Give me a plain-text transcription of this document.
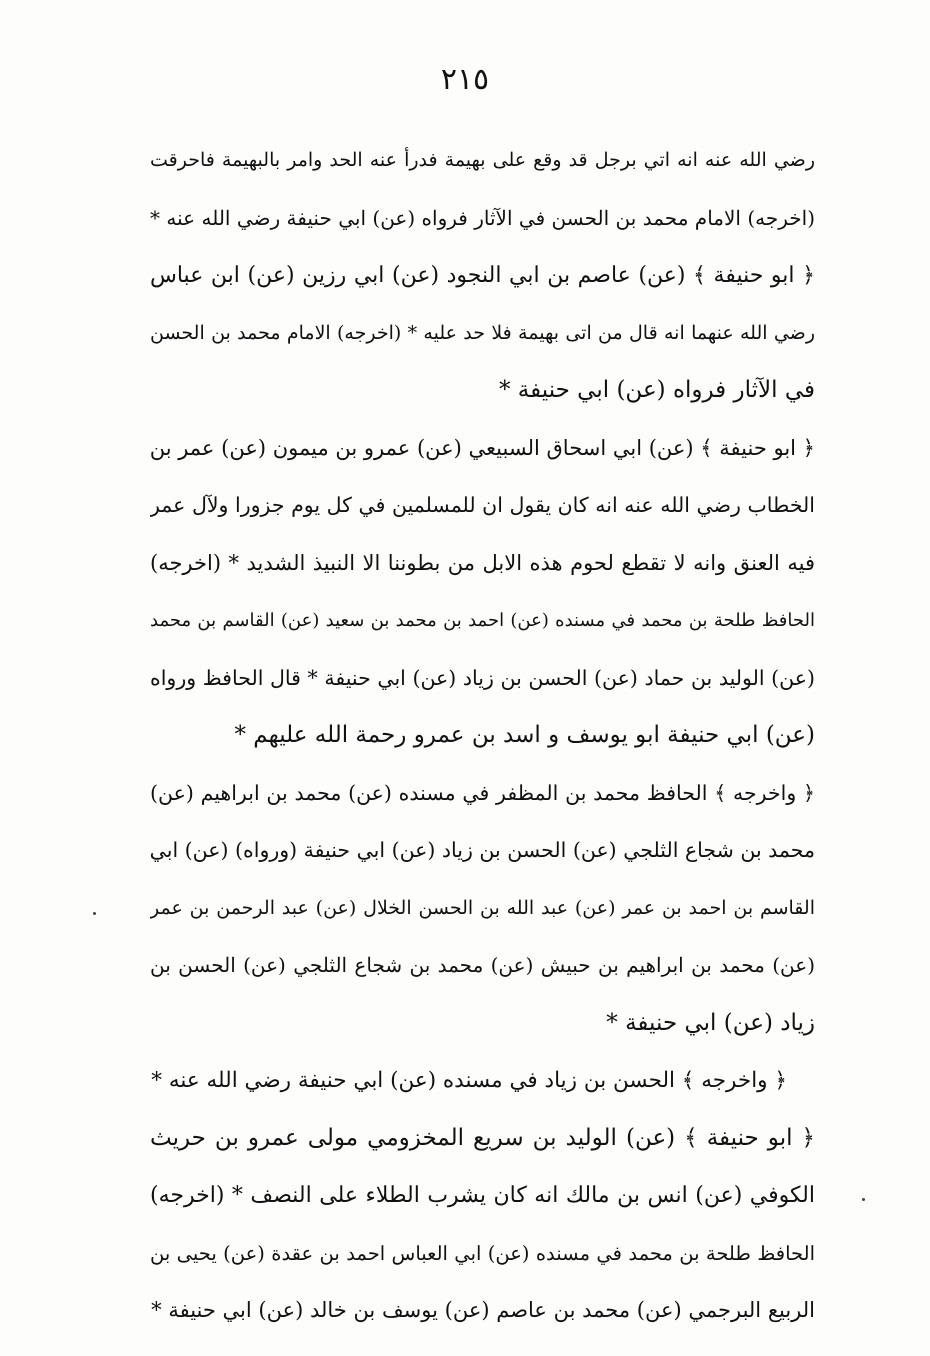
٢١٥
رضي الله عنه انه اتي برجل قد وقع على بهيمة فدرأ عنه الحد وامر بالبهيمة فاحرقت
(اخرجه) الامام محمد بن الحسن في الآثار فرواه (عن) ابي حنيفة رضي الله عنه *
﴿ ابو حنيفة ﴾ (عن) عاصم بن ابي النجود (عن) ابي رزين (عن) ابن عباس
رضي الله عنهما انه قال من اتى بهيمة فلا حد عليه * (اخرجه) الامام محمد بن الحسن
في الآثار فرواه (عن) ابي حنيفة *
﴿ ابو حنيفة ﴾ (عن) ابي اسحاق السبيعي (عن) عمرو بن ميمون (عن) عمر بن
الخطاب رضي الله عنه انه كان يقول ان للمسلمين في كل يوم جزورا ولآل عمر
فيه العنق وانه لا تقطع لحوم هذه الابل من بطوننا الا النبيذ الشديد * (اخرجه)
الحافظ طلحة بن محمد في مسنده (عن) احمد بن محمد بن سعيد (عن) القاسم بن محمد
(عن) الوليد بن حماد (عن) الحسن بن زياد (عن) ابي حنيفة * قال الحافظ ورواه
(عن) ابي حنيفة ابو يوسف و اسد بن عمرو رحمة الله عليهم *
﴿ واخرجه ﴾ الحافظ محمد بن المظفر في مسنده (عن) محمد بن ابراهيم (عن)
محمد بن شجاع الثلجي (عن) الحسن بن زياد (عن) ابي حنيفة (ورواه) (عن) ابي
القاسم بن احمد بن عمر (عن) عبد الله بن الحسن الخلال (عن) عبد الرحمن بن عمر
(عن) محمد بن ابراهيم بن حبيش (عن) محمد بن شجاع الثلجي (عن) الحسن بن
زياد (عن) ابي حنيفة *
﴿ واخرجه ﴾ الحسن بن زياد في مسنده (عن) ابي حنيفة رضي الله عنه *
﴿ ابو حنيفة ﴾ (عن) الوليد بن سريع المخزومي مولى عمرو بن حريث
الكوفي (عن) انس بن مالك انه كان يشرب الطلاء على النصف * (اخرجه)
الحافظ طلحة بن محمد في مسنده (عن) ابي العباس احمد بن عقدة (عن) يحيى بن
الربيع البرجمي (عن) محمد بن عاصم (عن) يوسف بن خالد (عن) ابي حنيفة *
